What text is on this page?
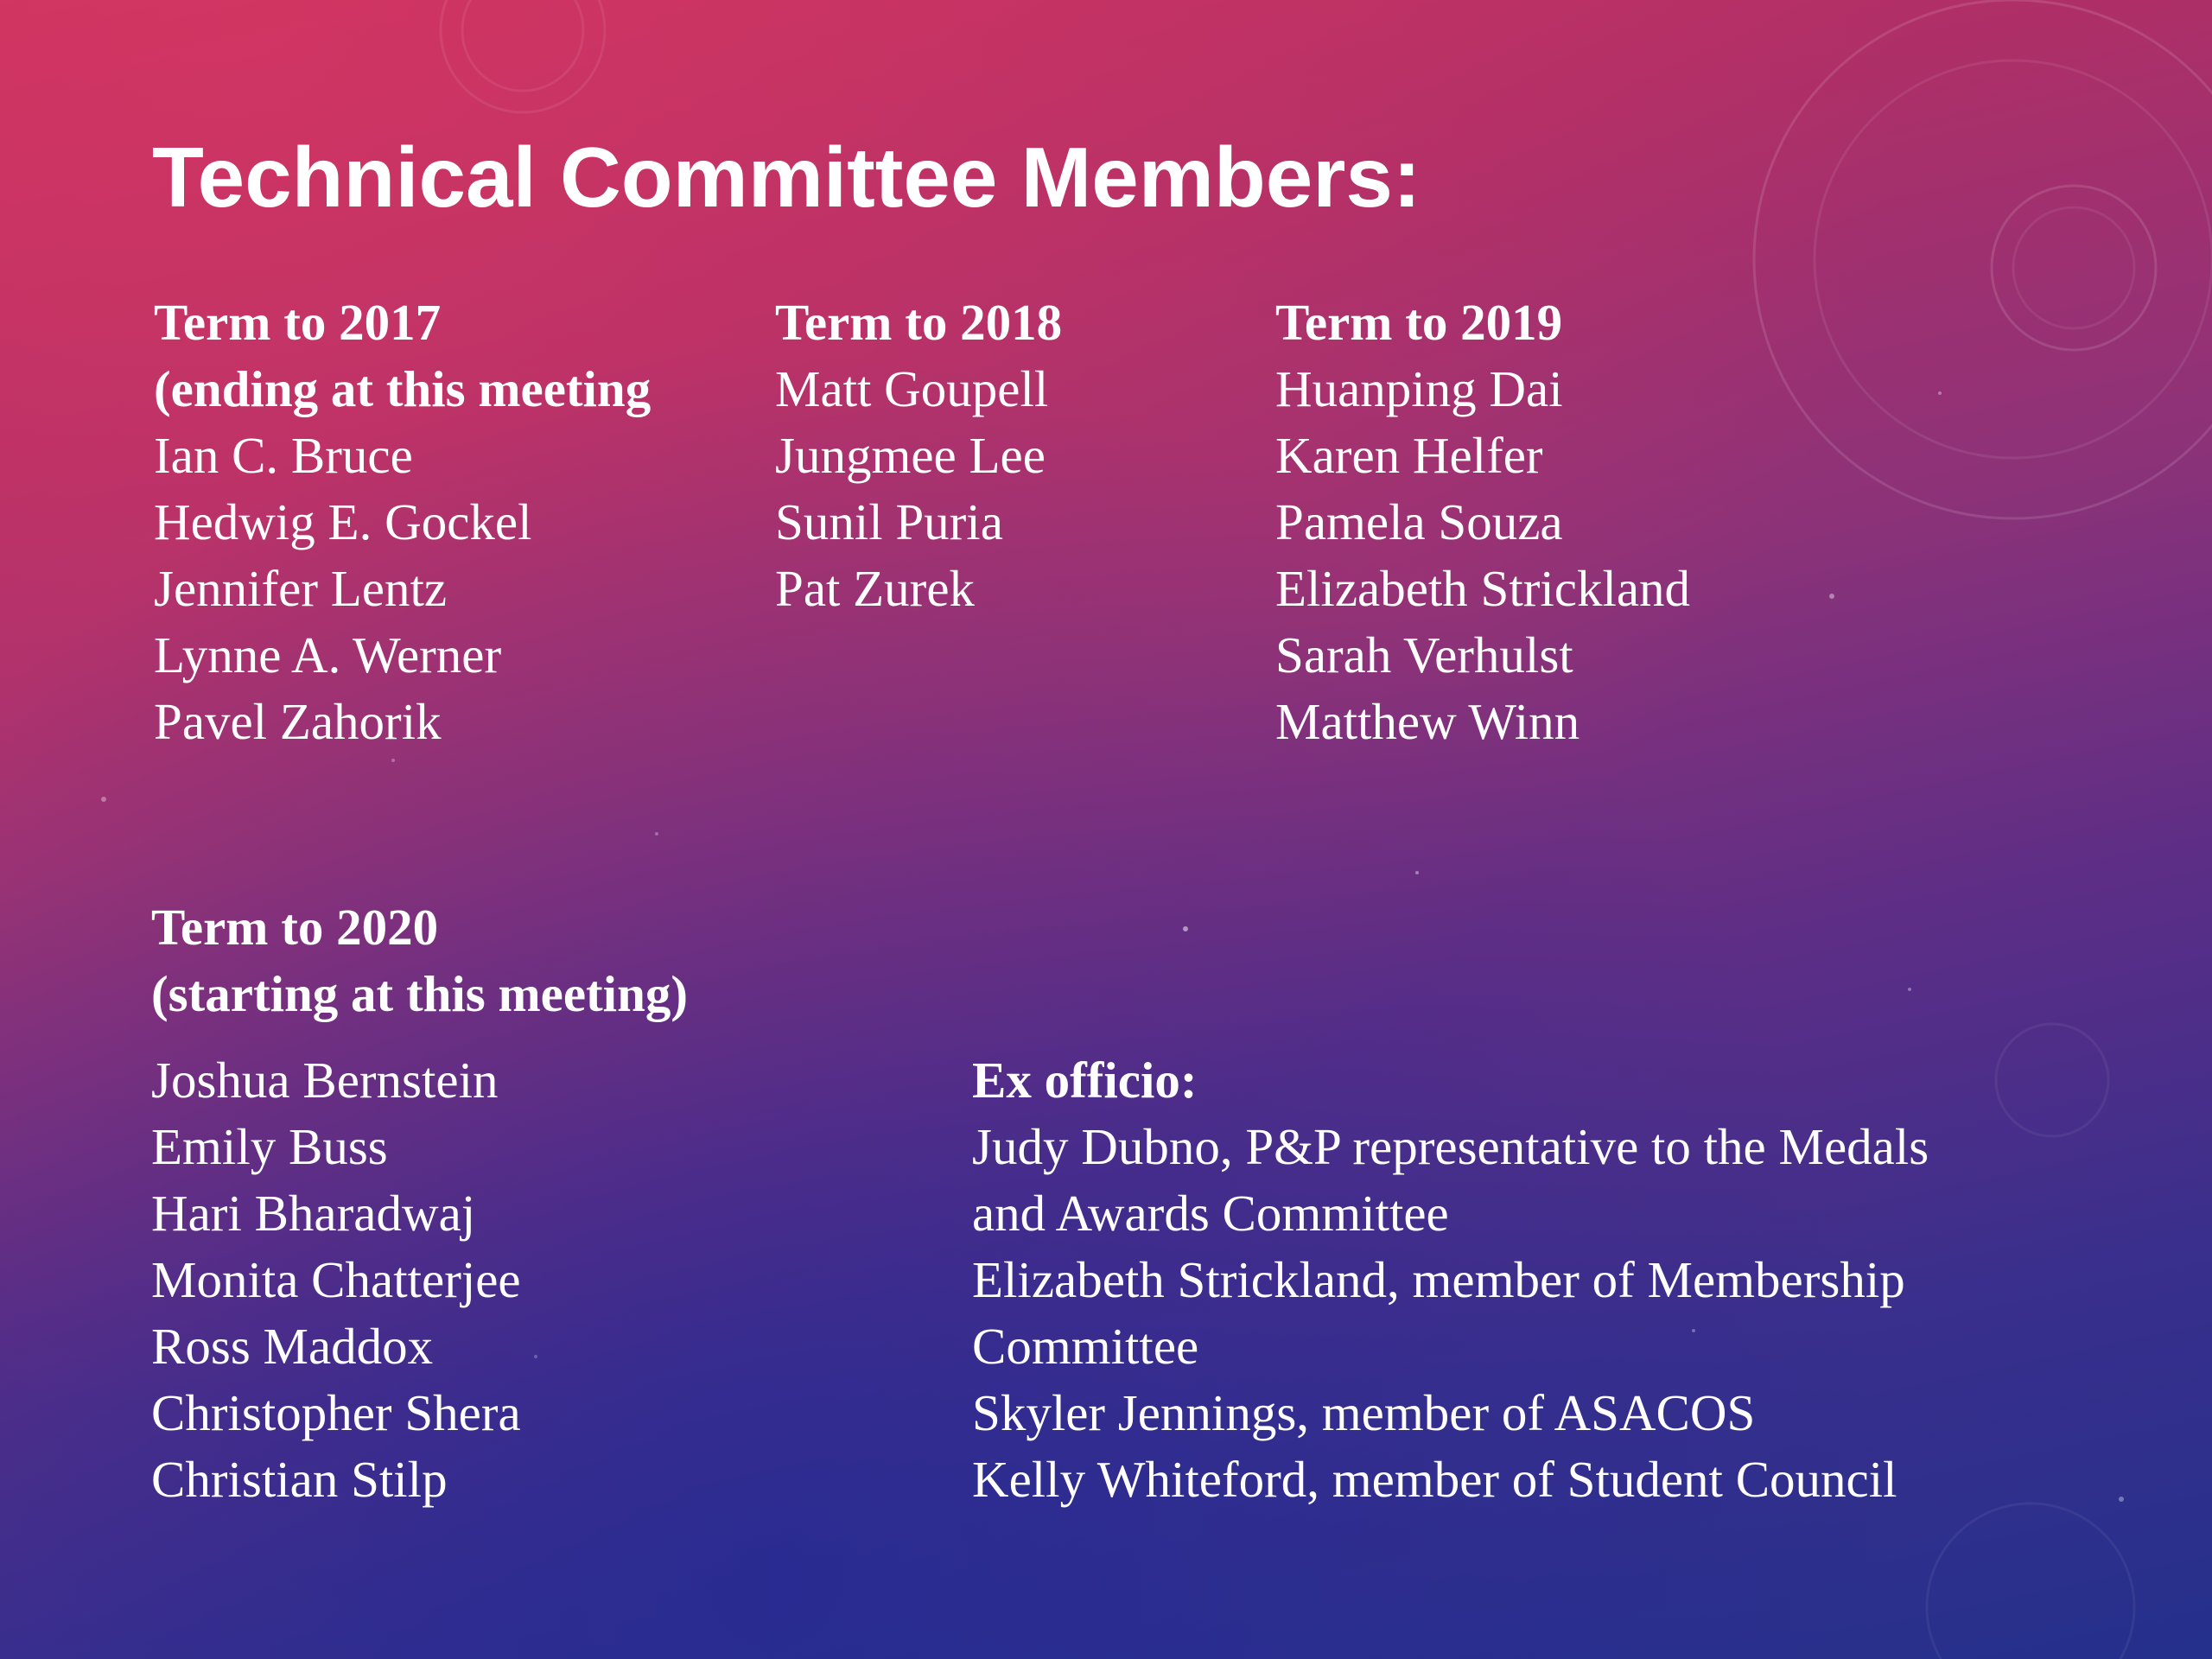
Technical Committee Members:
Term to 2017
(ending at this meeting
Ian C. Bruce
Hedwig E. Gockel
Jennifer Lentz
Lynne A. Werner
Pavel Zahorik
Term to 2018
Matt Goupell
Jungmee Lee
Sunil Puria
Pat Zurek
Term to 2019
Huanping Dai
Karen Helfer
Pamela Souza
Elizabeth Strickland
Sarah Verhulst
Matthew Winn
Term to 2020
(starting at this meeting)
Joshua Bernstein
Emily Buss
Hari Bharadwaj
Monita Chatterjee
Ross Maddox
Christopher Shera
Christian Stilp
Ex officio:
Judy Dubno, P&P representative to the Medals
and Awards Committee
Elizabeth Strickland, member of Membership
Committee
Skyler Jennings, member of ASACOS
Kelly Whiteford, member of Student Council
